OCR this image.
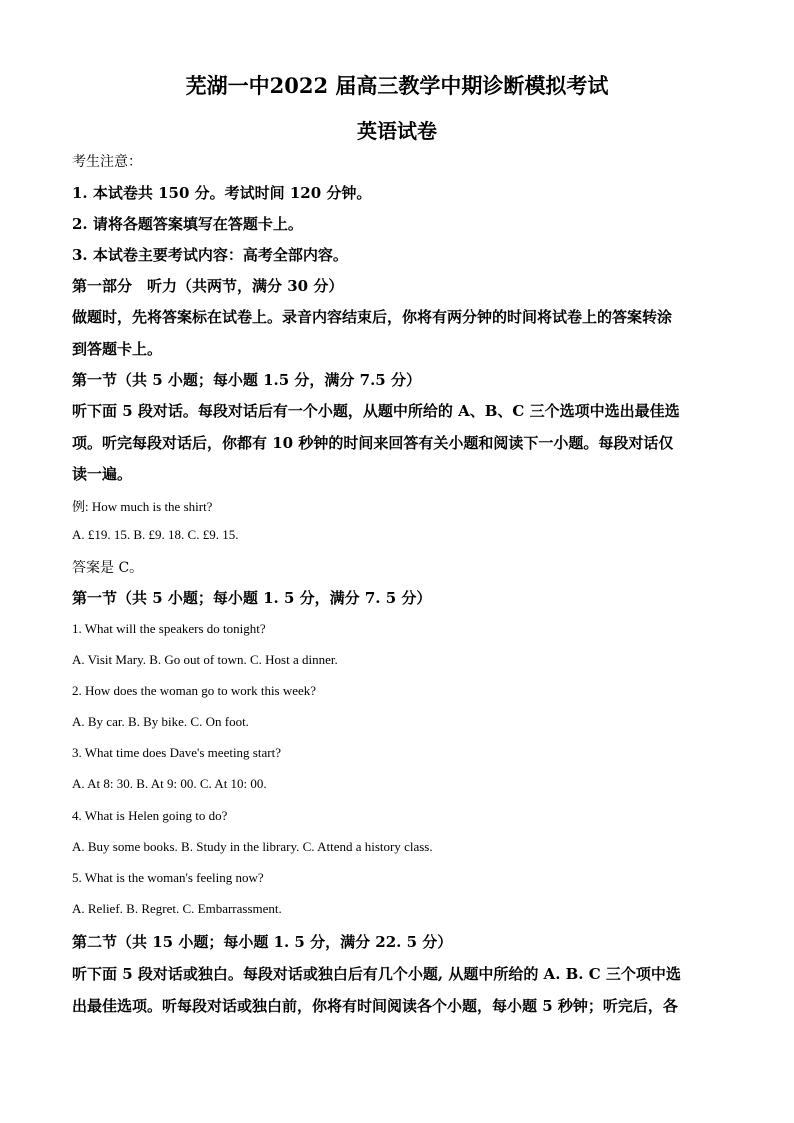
芜湖一中2022 届高三教学中期诊断模拟考试
英语试卷
考生注意：
1. 本试卷共 150 分。考试时间 120 分钟。
2. 请将各题答案填写在答题卡上。
3. 本试卷主要考试内容：高考全部内容。
第一部分　听力（共两节，满分 30 分）
做题时，先将答案标在试卷上。录音内容结束后，你将有两分钟的时间将试卷上的答案转涂
到答题卡上。
第一节（共 5 小题；每小题 1.5 分，满分 7.5 分）
听下面 5 段对话。每段对话后有一个小题，从题中所给的 A、B、C 三个选项中选出最佳选
项。听完每段对话后，你都有 10 秒钟的时间来回答有关小题和阅读下一小题。每段对话仅
读一遍。
例: How much is the shirt?
A. £19. 15. B. £9. 18. C. £9. 15.
答案是 C。
第一节（共 5 小题；每小题 1. 5 分，满分 7. 5 分）
1. What will the speakers do tonight?
A. Visit Mary. B. Go out of town. C. Host a dinner.
2. How does the woman go to work this week?
A. By car. B. By bike. C. On foot.
3. What time does Dave's meeting start?
A. At 8: 30. B. At 9: 00. C. At 10: 00.
4. What is Helen going to do?
A. Buy some books. B. Study in the library. C. Attend a history class.
5. What is the woman's feeling now?
A. Relief. B. Regret. C. Embarrassment.
第二节（共 15 小题；每小题 1. 5 分，满分 22. 5 分）
听下面 5 段对话或独白。每段对话或独白后有几个小题, 从题中所给的 A. B. C 三个项中选
出最佳选项。听每段对话或独白前，你将有时间阅读各个小题，每小题 5 秒钟；听完后，各
